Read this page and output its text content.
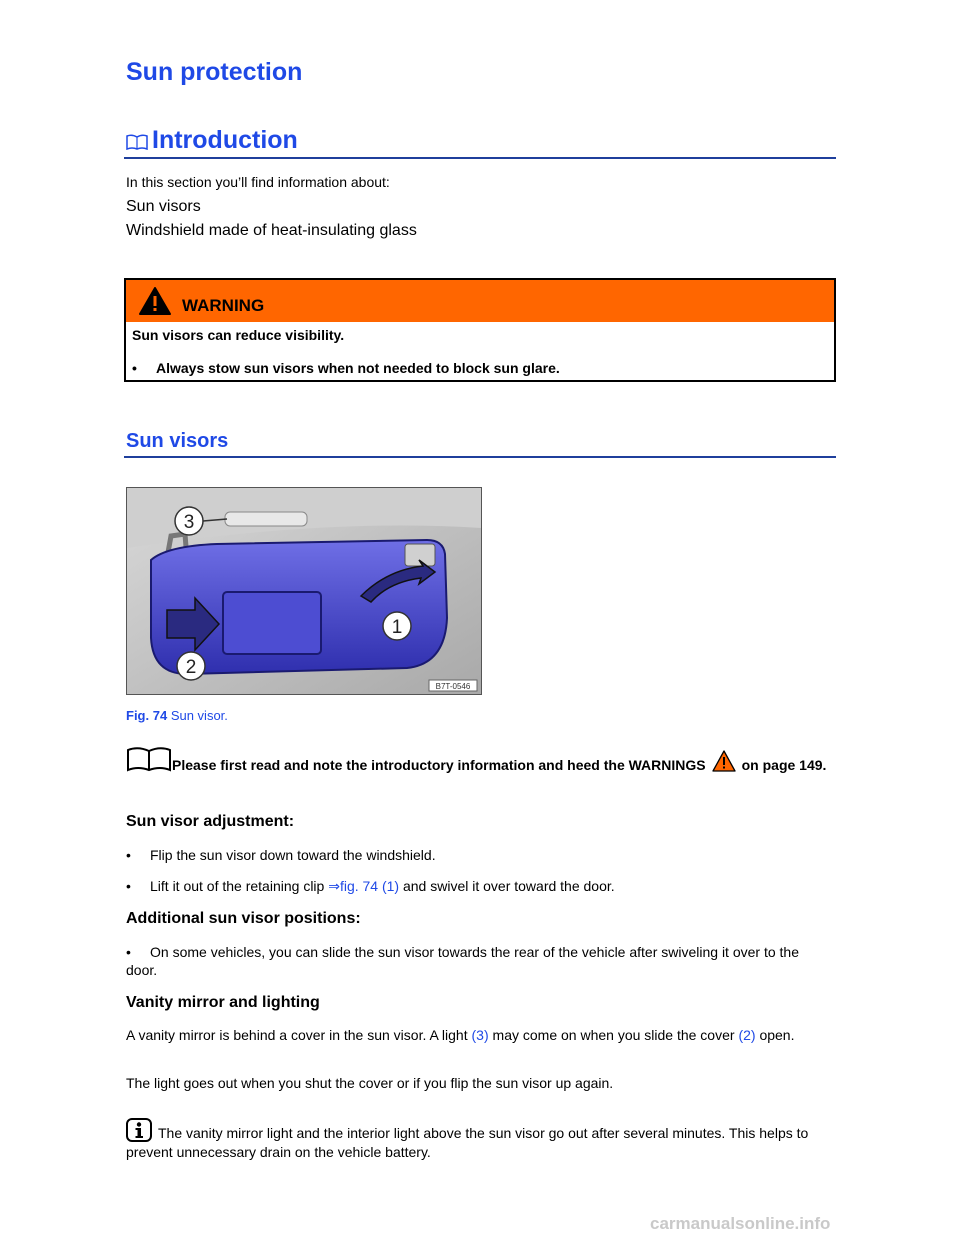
Sun protection
Introduction
In this section you’ll find information about:
Sun visors
Windshield made of heat-insulating glass
WARNING
Sun visors can reduce visibility.
• Always stow sun visors when not needed to block sun glare.
Sun visors
3
1
2
B7T-0546
Fig. 74 Sun visor.
Please first read and note the introductory information and heed the WARNINGS	on page 149.
Sun visor adjustment:
• Flip the sun visor down toward the windshield.
• Lift it out of the retaining clip ⇒fig. 74 (1) and swivel it over toward the door.
Additional sun visor positions:
• On some vehicles, you can slide the sun visor towards the rear of the vehicle after swiveling it over to the door.
Vanity mirror and lighting
A vanity mirror is behind a cover in the sun visor. A light (3) may come on when you slide the cover (2) open.
The light goes out when you shut the cover or if you flip the sun visor up again.
The vanity mirror light and the interior light above the sun visor go out after several minutes. This helps to prevent unnecessary drain on the vehicle battery.
carmanualsonline.info
